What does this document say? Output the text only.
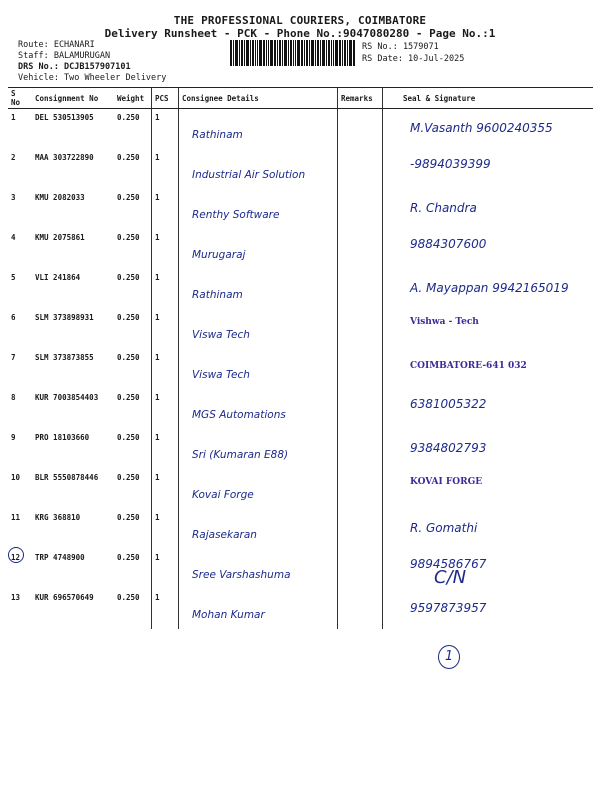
THE PROFESSIONAL COURIERS, COIMBATORE
Delivery Runsheet - PCK - Phone No.:9047080280 - Page No.:1
Route: ECHANARI
Staff: BALAMURUGAN
DRS No.: DCJB157907101
Vehicle: Two Wheeler Delivery
RS No.: 1579071
RS Date: 10-Jul-2025
S No	Consignment No	Weight	PCS	Consignee Details	Remarks	Seal & Signature
1	DEL 530513905	0.250	1	Rathinam		M.Vasanth 9600240355

2	MAA 303722890	0.250	1	Industrial Air Solution		-9894039399

3	KMU 2082033	0.250	1	Renthy Software		R. Chandra

4	KMU 2075861	0.250	1	Murugaraj		9884307600

5	VLI 241864	0.250	1	Rathinam		A. Mayappan 9942165019

6	SLM 373898931	0.250	1	Viswa Tech		Vishwa - Tech

7	SLM 373873855	0.250	1	Viswa Tech		COIMBATORE-641 032

8	KUR 7003854403	0.250	1	MGS Automations		6381005322

9	PRO 18103660	0.250	1	Sri (Kumaran E88)		9384802793

10	BLR 5550878446	0.250	1	Kovai Forge		KOVAI FORGE

11	KRG 368810	0.250	1	Rajasekaran		R. Gomathi

12	TRP 4748900	0.250	1	Sree Varshashuma		9894586767

13	KUR 696570649	0.250	1	Mohan Kumar		9597873957
C/N
1
